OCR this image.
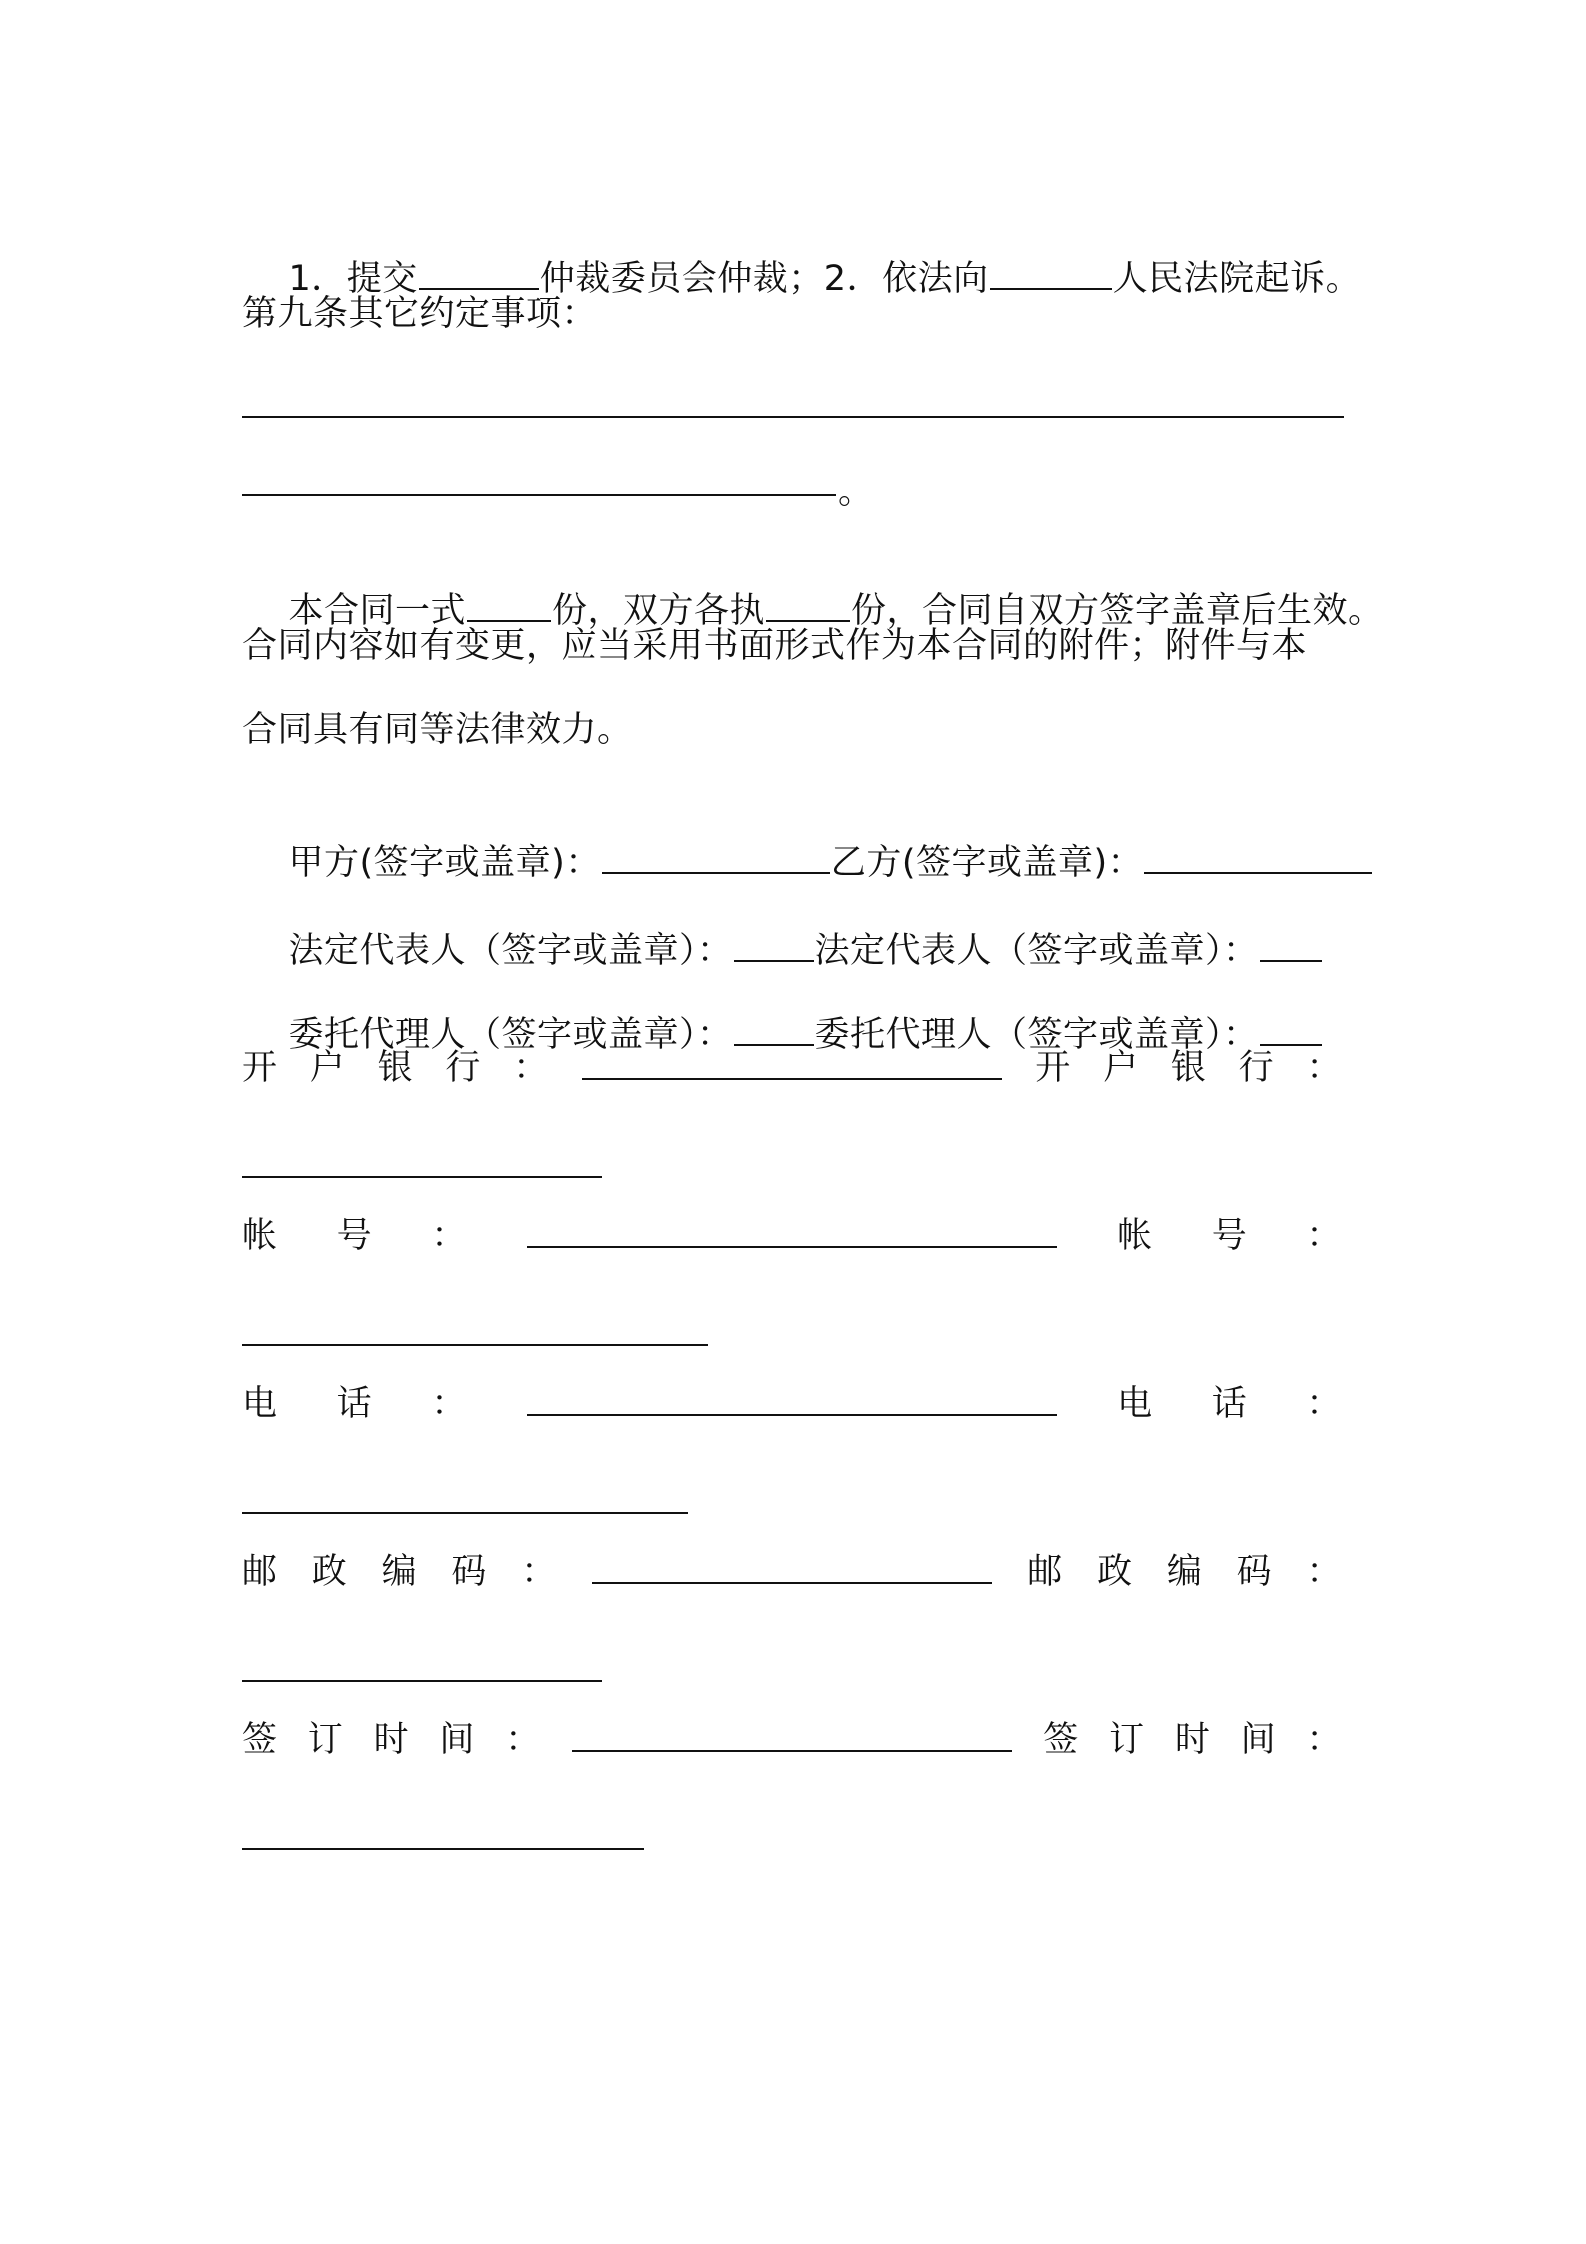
1．提交	仲裁委员会仲裁；2．依法向	人民法院起诉。

第九条其它约定事项：
。

本合同一式 份，双方各执 份，合同自双方签字盖章后生效。

合同内容如有变更，应当采用书面形式作为本合同的附件；附件与本
合同具有同等法律效力。

甲方(签字或盖章)：	乙方(签字或盖章)：

法定代表人（签字或盖章）： 法定代表人（签字或盖章）：

委托代理人（签字或盖章）： 委托代理人（签字或盖章）：

开 户 银 行 ：	开 户 银 行 ：
帐 号 ：	帐 号 ：
电 话 ：	电 话 ：
邮 政 编 码 ：	邮 政 编 码 ：
签 订 时 间 ：	签 订 时 间 ：
